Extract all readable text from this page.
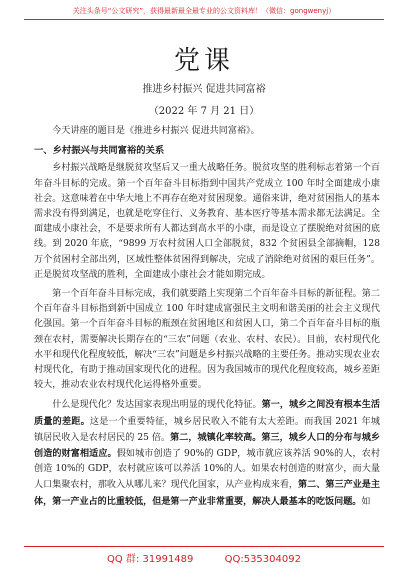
关注头条号“公文研究”，获得最新最全最专业的公文资料库！（微信：gongwenyj）
党课
推进乡村振兴 促进共同富裕
（2022 年 7 月 21 日）

今天讲座的题目是《推进乡村振兴 促进共同富裕》。

一、乡村振兴与共同富裕的关系

乡村振兴战略是继脱贫攻坚后又一重大战略任务。脱贫攻坚的胜利标志着第一个百年奋斗目标的完成。第一个百年奋斗目标指到中国共产党成立 100 年时全面建成小康社会。这意味着在中华大地上不再存在绝对贫困现象。通俗来讲，绝对贫困指人的基本需求没有得到满足，也就是吃穿住行、义务教育、基本医疗等基本需求都无法满足。全面建成小康社会，不是要求所有人都达到高水平的小康，而是设立了摆脱绝对贫困的底线。到 2020 年底，“9899 万农村贫困人口全部脱贫，832 个贫困县全部摘帽，128 万个贫困村全部出列，区域性整体贫困得到解决，完成了消除绝对贫困的艰巨任务”。正是脱贫攻坚战的胜利，全面建成小康社会才能如期完成。

第一个百年奋斗目标完成，我们就要踏上实现第二个百年奋斗目标的新征程。第二个百年奋斗目标指到新中国成立 100 年时建成富强民主文明和谐美丽的社会主义现代化强国。第一个百年奋斗目标的瓶颈在贫困地区和贫困人口，第二个百年奋斗目标的瓶颈在农村，需要解决长期存在的“三农”问题（农业、农村、农民）。目前，农村现代化水平和现代化程度较低，解决“三农”问题是乡村振兴战略的主要任务。推动实现农业农村现代化，有助于推动国家现代化的进程。因为我国城市的现代化程度较高，城乡差距较大，推动农业农村现代化运得格外重要。

什么是现代化？发达国家表现出明显的现代化特征。第一，城乡之间没有根本生活质量的差距。这是一个重要特征，城乡居民收入不能有太大差距。而我国 2021 年城镇居民收入是农村居民的 25 倍。第二，城镇化率较高。第三，城乡人口的分布与城乡创造的财富相适应。假如城市创造了 90%的 GDP，城市就应该养活 90%的人，农村创造 10%的 GDP，农村就应该可以养活 10%的人。如果农村创造的财富少，而大量人口集聚农村，那收入从哪儿来？现代化国家，从产业构成来看，第二、第三产业是主体，第一产业占的比重较低，但是第一产业非常重要，解决人最基本的吃饭问题。如

QQ 群: 31991489	QQ:535304092
